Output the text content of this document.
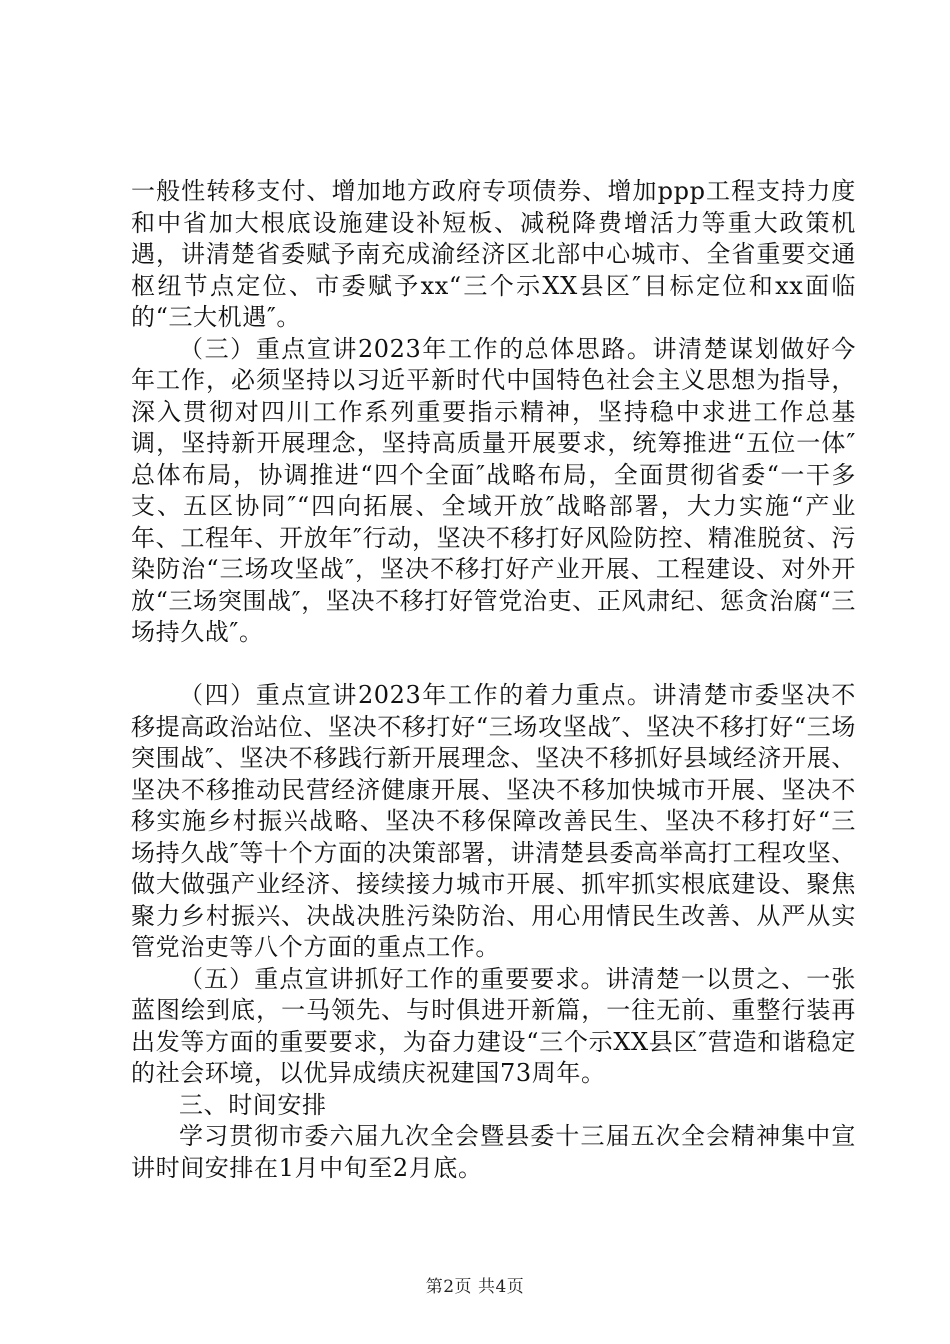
一般性转移支付、增加地方政府专项债券、增加ppp工程支持力度和中省加大根底设施建设补短板、减税降费增活力等重大政策机遇，讲清楚省委赋予南充成渝经济区北部中心城市、全省重要交通枢纽节点定位、市委赋予xx“三个示XX县区″目标定位和xx面临的“三大机遇″。

（三）重点宣讲2023年工作的总体思路。讲清楚谋划做好今年工作，必须坚持以习近平新时代中国特色社会主义思想为指导，深入贯彻对四川工作系列重要指示精神，坚持稳中求进工作总基调，坚持新开展理念，坚持高质量开展要求，统筹推进“五位一体″总体布局，协调推进“四个全面″战略布局，全面贯彻省委“一干多支、五区协同″“四向拓展、全域开放″战略部署，大力实施“产业年、工程年、开放年″行动，坚决不移打好风险防控、精准脱贫、污染防治“三场攻坚战″，坚决不移打好产业开展、工程建设、对外开放“三场突围战″，坚决不移打好管党治吏、正风肃纪、惩贪治腐“三场持久战″。

（四）重点宣讲2023年工作的着力重点。讲清楚市委坚决不移提高政治站位、坚决不移打好“三场攻坚战″、坚决不移打好“三场突围战″、坚决不移践行新开展理念、坚决不移抓好县域经济开展、坚决不移推动民营经济健康开展、坚决不移加快城市开展、坚决不移实施乡村振兴战略、坚决不移保障改善民生、坚决不移打好“三场持久战″等十个方面的决策部署，讲清楚县委高举高打工程攻坚、做大做强产业经济、接续接力城市开展、抓牢抓实根底建设、聚焦聚力乡村振兴、决战决胜污染防治、用心用情民生改善、从严从实管党治吏等八个方面的重点工作。

（五）重点宣讲抓好工作的重要要求。讲清楚一以贯之、一张蓝图绘到底，一马领先、与时俱进开新篇，一往无前、重整行装再出发等方面的重要要求，为奋力建设“三个示XX县区″营造和谐稳定的社会环境，以优异成绩庆祝建国73周年。

三、时间安排

学习贯彻市委六届九次全会暨县委十三届五次全会精神集中宣讲时间安排在1月中旬至2月底。

第2页 共4页
